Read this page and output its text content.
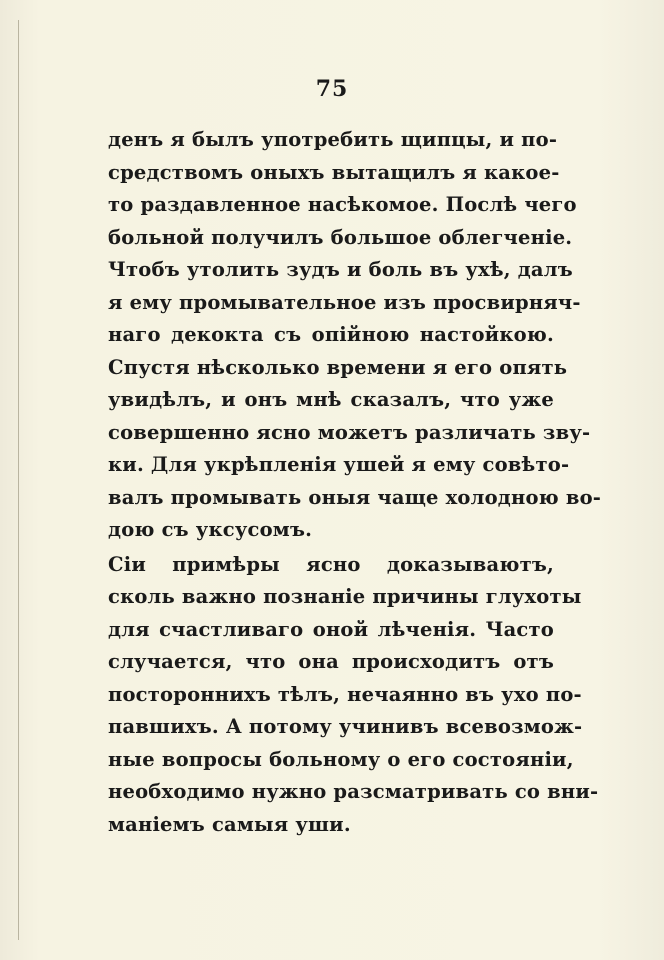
75
денъ я былъ употребить щипцы, и по-
средствомъ оныхъ вытащилъ я какое-
то раздавленное насѣкомое. Послѣ чего
больной получилъ большое облегченіе.
Чтобъ утолить зудъ и боль въ ухѣ, далъ
я ему промывательное изъ просвирняч-
наго декокта съ опійною настойкою.
Спустя нѣсколько времени я его опять
увидѣлъ, и онъ мнѣ сказалъ, что уже
совершенно ясно можетъ различать зву-
ки. Для укрѣпленія ушей я ему совѣто-
валъ промывать оныя чаще холодною во-
дою съ уксусомъ.
Сіи примѣры ясно доказываютъ,
сколь важно познаніе причины глухоты
для счастливаго оной лѣченія. Часто
случается, что она происходитъ отъ
постороннихъ тѣлъ, нечаянно въ ухо по-
павшихъ. А потому учинивъ всевозмож-
ные вопросы больному о его состояніи,
необходимо нужно разсматривать со вни-
маніемъ самыя уши.
